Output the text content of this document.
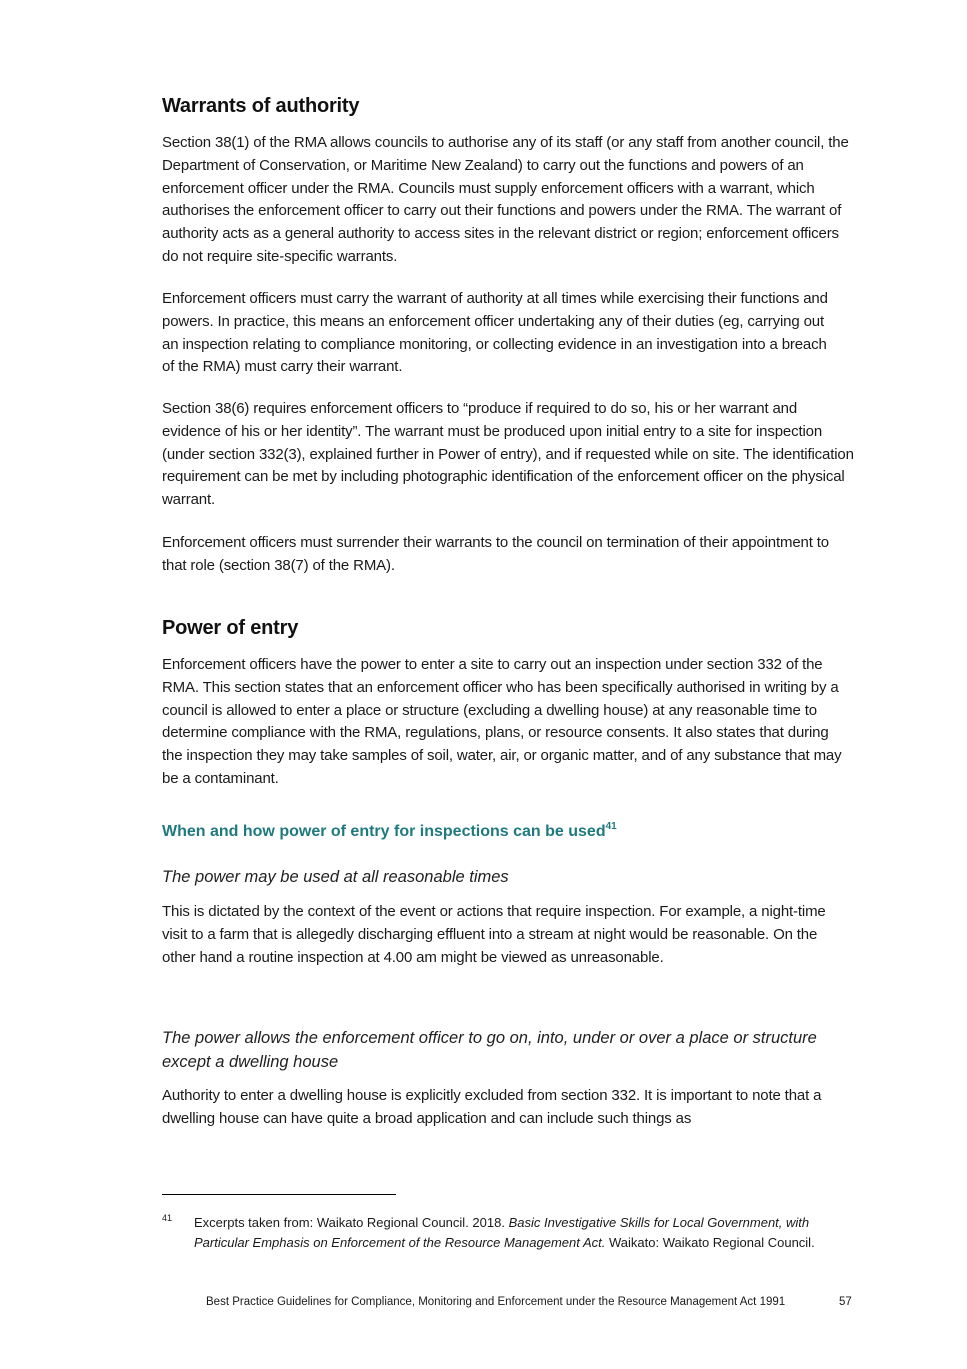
Warrants of authority

Section 38(1) of the RMA allows councils to authorise any of its staff (or any staff from another council, the Department of Conservation, or Maritime New Zealand) to carry out the functions and powers of an enforcement officer under the RMA. Councils must supply enforcement officers with a warrant, which authorises the enforcement officer to carry out their functions and powers under the RMA. The warrant of authority acts as a general authority to access sites in the relevant district or region; enforcement officers do not require site-specific warrants.

Enforcement officers must carry the warrant of authority at all times while exercising their functions and powers. In practice, this means an enforcement officer undertaking any of their duties (eg, carrying out an inspection relating to compliance monitoring, or collecting evidence in an investigation into a breach of the RMA) must carry their warrant.

Section 38(6) requires enforcement officers to “produce if required to do so, his or her warrant and evidence of his or her identity”. The warrant must be produced upon initial entry to a site for inspection (under section 332(3), explained further in Power of entry), and if requested while on site. The identification requirement can be met by including photographic identification of the enforcement officer on the physical warrant.

Enforcement officers must surrender their warrants to the council on termination of their appointment to that role (section 38(7) of the RMA).

Power of entry

Enforcement officers have the power to enter a site to carry out an inspection under section 332 of the RMA. This section states that an enforcement officer who has been specifically authorised in writing by a council is allowed to enter a place or structure (excluding a dwelling house) at any reasonable time to determine compliance with the RMA, regulations, plans, or resource consents. It also states that during the inspection they may take samples of soil, water, air, or organic matter, and of any substance that may be a contaminant.

When and how power of entry for inspections can be used$^{41}$
The power may be used at all reasonable times

This is dictated by the context of the event or actions that require inspection. For example, a night-time visit to a farm that is allegedly discharging effluent into a stream at night would be reasonable. On the other hand a routine inspection at 4.00 am might be viewed as unreasonable.

The power allows the enforcement officer to go on, into, under or over a place or structure except a dwelling house

Authority to enter a dwelling house is explicitly excluded from section 332. It is important to note that a dwelling house can have quite a broad application and can include such things as

41 Excerpts taken from: Waikato Regional Council. 2018. Basic Investigative Skills for Local Government, with Particular Emphasis on Enforcement of the Resource Management Act. Waikato: Waikato Regional Council.
Best Practice Guidelines for Compliance, Monitoring and Enforcement under the Resource Management Act 1991	57
